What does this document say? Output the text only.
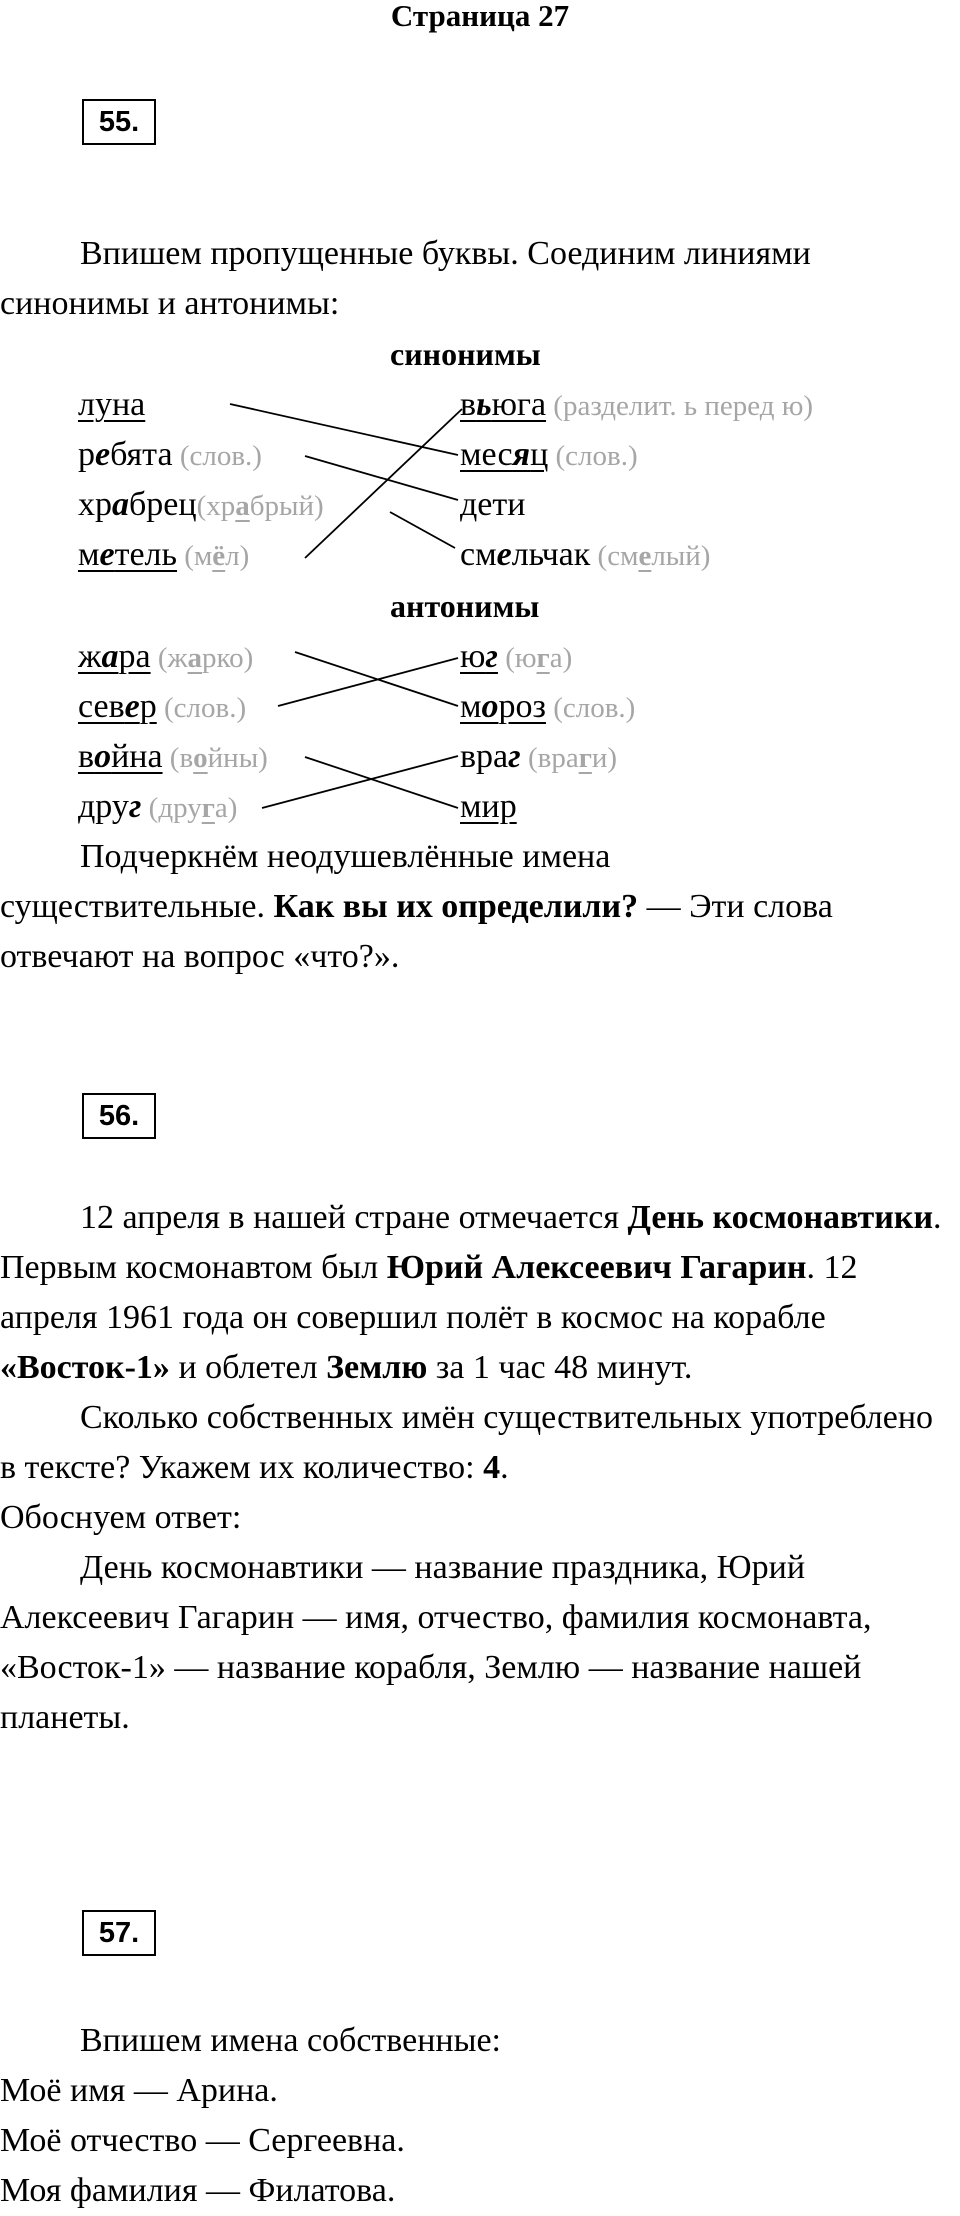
Страница 27
55.

Впишем пропущенные буквы. Соединим линиями

синонимы и антонимы:

синонимы
луна
ребята (слов.)
храбрец(храбрый)
метель (мёл)
вьюга (разделит. ь перед ю)
месяц (слов.)
дети
смельчак (смелый)
антонимы
жара (жарко)
север (слов.)
война (войны)
друг (друга)
юг (юга)
мороз (слов.)
враг (враги)
мир

Подчеркнём неодушевлённые имена

существительные. Как вы их определили? — Эти слова

отвечают на вопрос «что?».

56.

12 апреля в нашей стране отмечается День космонавтики. Первым космонавтом был Юрий Алексеевич Гагарин. 12 апреля 1961 года он совершил полёт в космос на корабле «Восток-1» и облетел Землю за 1 час 48 минут.

Сколько собственных имён существительных употреблено в тексте? Укажем их количество: 4.

Обоснуем ответ:

День космонавтики — название праздника, Юрий Алексеевич Гагарин — имя, отчество, фамилия космонавта, «Восток-1» — название корабля, Землю — название нашей планеты.

57.

Впишем имена собственные:

Моё имя — Арина.

Моё отчество — Сергеевна.

Моя фамилия — Филатова.
